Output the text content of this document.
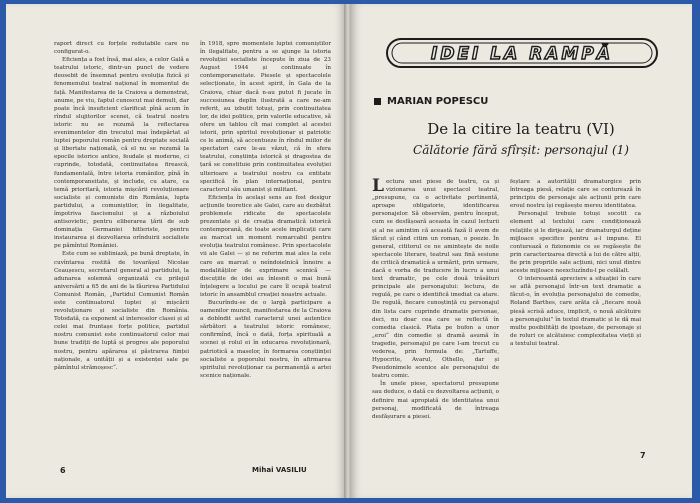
raport direct cu forțele redutabile care nu configurat-o.

Eficiența a fost însă, mai ales, a celor Gală a teatrului istoric, dintr-un punct de vedere deosebit de însemnat pentru evoluția fizică și fenomenului teatral național în momentul de față. Manifestarea de la Craiova a demonstrat, anume, pe viu, faptul cunoscut mai demult, dar poate încă insuficient clarificat pînă acum în rîndul slujitorilor scenei, că teatrul nostru istoric nu se rezumă la reflectarea evenimentelor din trecutul mai îndepărtat al luptei poporului român pentru dreptate socială și libertate națională, că el nu se rezumă la epocile istorice antice, feudale și moderne, ci cuprinde, totodată, continuitatea firească, fundamentală, între istoria românilor, pînă în contemporaneitate, și include, cu atare, ca temă prioritară, istoria mișcării revoluționare socialiste și comuniste din România, lupta partidului, a comuniștilor, în ilegalitate, împotriva fascismului și a războiului antisovietic, pentru eliberarea țării de sub dominația Germaniei hitleriste, pentru instaurarea și dezvoltarea orînduirii socialiste pe pămîntul României.

Este cum se subliniază, pe bună dreptate, în cuvîntarea rostită de tovarășul Nicolae Ceaușescu, secretarul general al partidului, la adunarea solemnă organizată cu prilejul aniversării a 65 de ani de la făurirea Partidului Comunist Român, „Partidul Comunist Român este continuatorul luptei și mișcării revoluționare și socialiste din România. Totodată, ca exponent al intereselor clasei și al celei mai fruntașe forțe politice, partidul nostru comunist este continuatorul celor mai bune tradiții de luptă și progres ale poporului nostru, pentru apărarea și păstrarea ființei naționale, a unității și a existenței sale pe pămîntul strămoșesc“.

în 1918, spre momentele luptei comuniștilor în ilegalitate, pentru a se ajunge la istoria revoluției socialiste începute în ziua de 23 August 1944 și continuate în contemporaneitate. Piesele și spectacolele selecționate, în acest spirit, în Gala de la Craiova, chiar dacă n-au putut fi jucate în succesiunea deplin ilustrată a care ne-am referit, au izbutit totuși, prin continuitatea lor, de idei politice, prin valorile educative, să ofere un tablou cît mai complet al acestei istorii, prin spiritul revoluționar și patriotic ce le animă, să accentueze în rîndul miilor de spectatori care le-au văzut, că în sfera teatrului, conștiința istorică și dragostea de țară se constituie prin continuitatea evoluției ulterioare a teatrului nostru ca entitate specifică în plan internațional, pentru caracterul său umanist și militant.

Eficiența în același sens au fost desigur acțiunile teoretice ale Galei, care au dezbătut problemele ridicate de spectacolele prezentate și de creația dramatică istorică contemporană, de toate acele implicații care au marcat un moment remarcabil pentru evoluția teatrului românesc. Prin spectacolele vii ale Galei — și ne referim mai ales la cele care au marcat o neîndoielnică înnoire a modalităților de exprimare scenică — discuțiile de idei au înlesnit o mai bună înțelegere a locului pe care îl ocupă teatrul istoric în ansamblul creației noastre actuale.

Bucurîndu-se de o largă participare a oamenilor muncii, manifestarea de la Craiova a dobîndit astfel caracterul unei autentice sărbători a teatrului istoric românesc, confirmînd, încă o dată, forța spirituală a scenei și rolul ei în educarea revoluționară, patriotică a maselor, în formarea conștiinței socialiste a poporului nostru, în afirmarea spiritului revoluționar ca permanență a artei scenice naționale.

Mihai VASILIU
6
IDEI LA RAMPĂ
MARIAN POPESCU
De la citire la teatru (VI)
Călătorie fără sfîrșit: personajul (1)

Lectura unei piese de teatru, ca și vizionarea unui spectacol teatral, „presupune, ca o activitate pertinentă, aproape obligatorie, identificarea personajelor. Să observăm, pentru început, cum se desfășoară aceasta în cazul lecturii și al ne amintim că această fază îl avem de făcut și când citim un roman, o poezie. În general, cititorul ce ne amintește de noile spectacole literare, teatrul sau fină sesiune de critică dramatică a urmărit, prin urmare, dacă e vorba de traducere în lucru a unui text dramatic, pe cele două trăsături principale ale personajului: lectura, de regulă, pe care o identifică imediat ca atare. De regulă, fiecare cunoștință cu personajul din lista care cuprinde dramatis personae, deci, nu doar cea care se reflectă în comedia clasică. Plata pe bufon a unor „eroi“ din comedie și dramă asumă în tragedie, personajul pe care l-am trecut cu vederea, prin formula de: „Tartuffe, Hypocrite, Avarul, Othello, dar și Pseudonimele scenice ale personajului de teatru comic.

În unele piese, spectatorul presupune sau deduce, o dată cu dezvoltarea acțiunii, o definire mai apropiată de identitatea unui personaj, modificată de întreaga desfășurare a piesei.

feștare a autorității dramaturgice prin întreaga piesă, relație care se conturează în principiu de personaje ale acțiunii prin care eroul nostru își regăsește mereu identitatea.

Personajul trebuie totuși socotit ca element al textului care condiționează relațiile și le dirijează, iar dramaturgul deține mijloace specifice pentru a-l impune. El conturează o fizionomie ce se regăsește fie prin caracterizarea directă a lui de către alții, fie prin propriile sale acțiuni, nici unul dintre aceste mijloace neexcluzîndu-l pe celălalt.

O interesantă apreciere a situației în care se află personajul într-un text dramatic a făcut-o, în evoluția personajului de comedie, Roland Barthes, care arăta că „fiecare nouă piesă scrisă aduce, implicit, o nouă alcătuire a personajului” în textul dramatic și le dă mai multe posibilități de ipostaze, de personaje și de roluri ce alcătuiesc complexitatea vieții și a textului teatral.

7
